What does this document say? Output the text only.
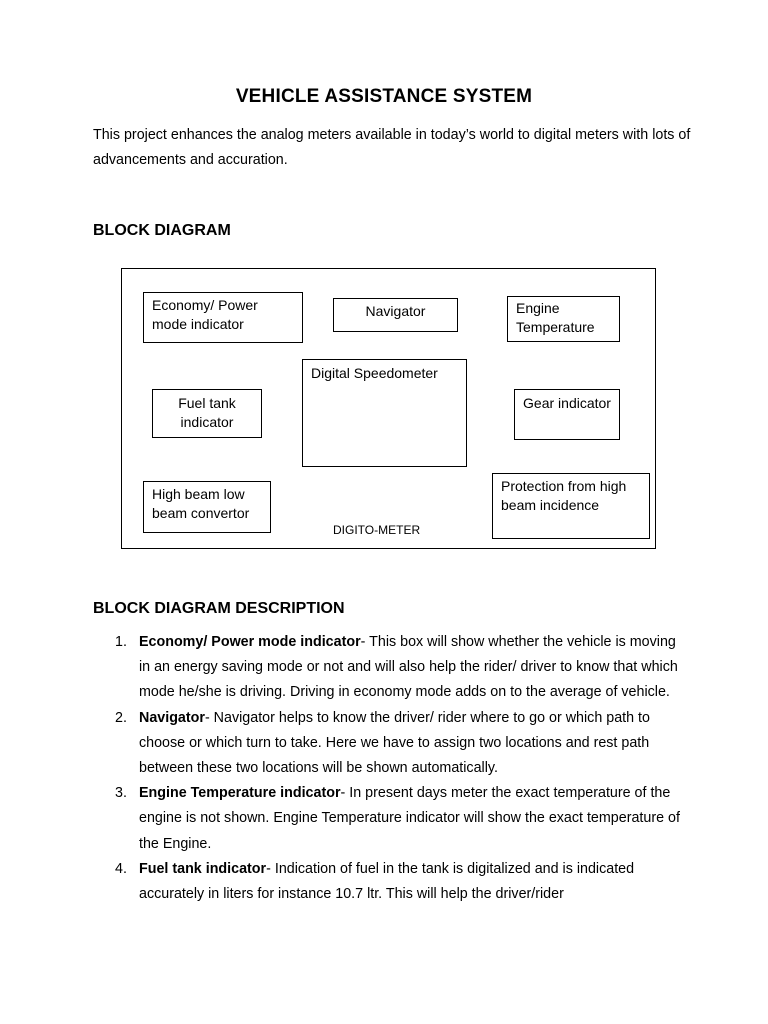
VEHICLE ASSISTANCE SYSTEM
This project enhances the analog meters available in today’s world to digital meters with lots of advancements and accuration.
BLOCK DIAGRAM
Economy/ Power mode indicator
Navigator	Engine Temperature
Digital Speedometer
Fuel tank indicator
Gear indicator
High beam low beam convertor
Protection from high beam incidence
DIGITO-METER
BLOCK DIAGRAM DESCRIPTION
1. Economy/ Power mode indicator- This box will show whether the vehicle is moving in an energy saving mode or not and will also help the rider/ driver to know that which mode he/she is driving. Driving in economy mode adds on to the average of vehicle.
2. Navigator- Navigator helps to know the driver/ rider where to go or which path to choose or which turn to take. Here we have to assign two locations and rest path between these two locations will be shown automatically.
3. Engine Temperature indicator- In present days meter the exact temperature of the engine is not shown. Engine Temperature indicator will show the exact temperature of the Engine.
4. Fuel tank indicator- Indication of fuel in the tank is digitalized and is indicated accurately in liters for instance 10.7 ltr. This will help the driver/rider
